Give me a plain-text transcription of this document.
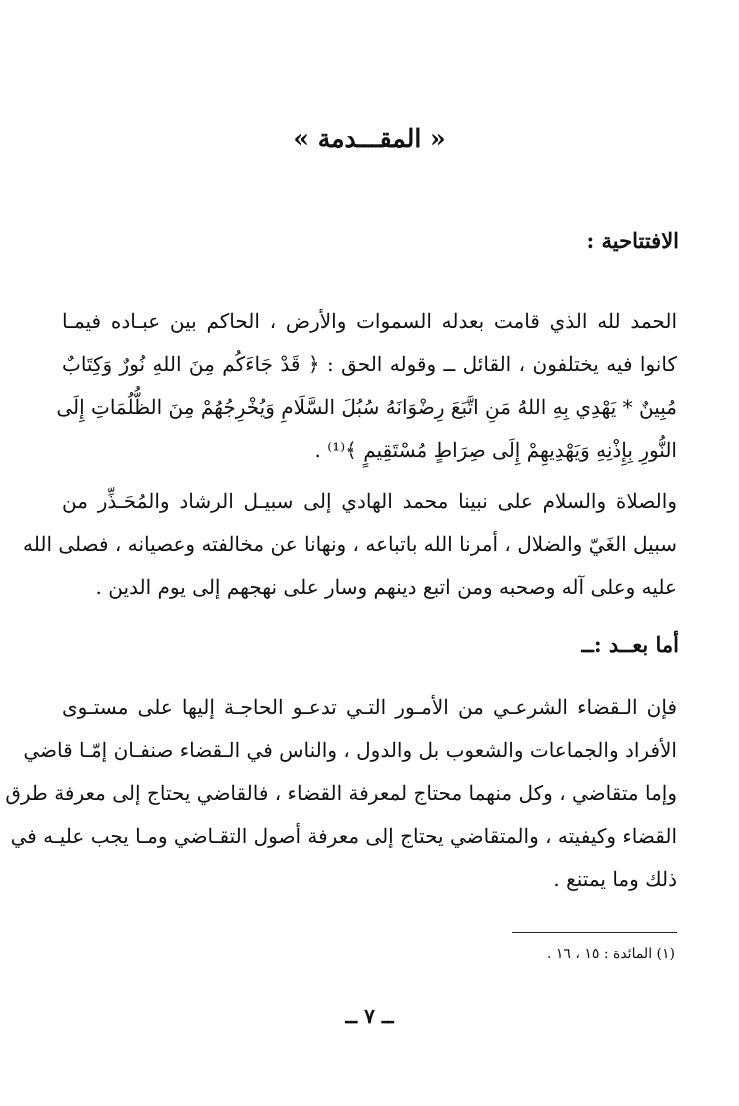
« المقـــدمة »
الافتتاحية :
الحمد لله الذي قامت بعدله السموات والأرض ، الحاكم بين عبـاده فيمـا
كانوا فيه يختلفون ، القائل ــ وقوله الحق : ﴿ قَدْ جَاءَكُم مِنَ اللهِ نُورٌ وَكِتَابٌ
مُبِينٌ * يَهْدِي بِهِ اللهُ مَنِ اتَّبَعَ رِضْوَانَهُ سُبُلَ السَّلَامِ وَيُخْرِجُهُمْ مِنَ الظُّلُمَاتِ إِلَى
النُّورِ بِإِذْنِهِ وَيَهْدِيهِمْ إِلَى صِرَاطٍ مُسْتَقِيمٍ ﴾⁽¹⁾ .
والصلاة والسلام على نبينا محمد الهادي إلى سبيـل الرشاد والمُحَـذِّر من
سبيل الغَيّ والضلال ، أمرنا الله باتباعه ، ونهانا عن مخالفته وعصيانه ، فصلى الله
عليه وعلى آله وصحبه ومن اتبع دينهم وسار على نهجهم إلى يوم الدين .
أما بعــد :ــ
فإن الـقضاء الشرعـي من الأمـور التـي تدعـو الحاجـة إليها على مستـوى
الأفراد والجماعات والشعوب بل والدول ، والناس في الـقضاء صنفـان إمّـا قاضي
وإما متقاضي ، وكل منهما محتاج لمعرفة القضاء ، فالقاضي يحتاج إلى معرفة طرق
القضاء وكيفيته ، والمتقاضي يحتاج إلى معرفة أصول التقـاضي ومـا يجب عليـه في
ذلك وما يمتنع .
(١) المائدة : ١٥ ، ١٦ .
ــ ٧ ــ
